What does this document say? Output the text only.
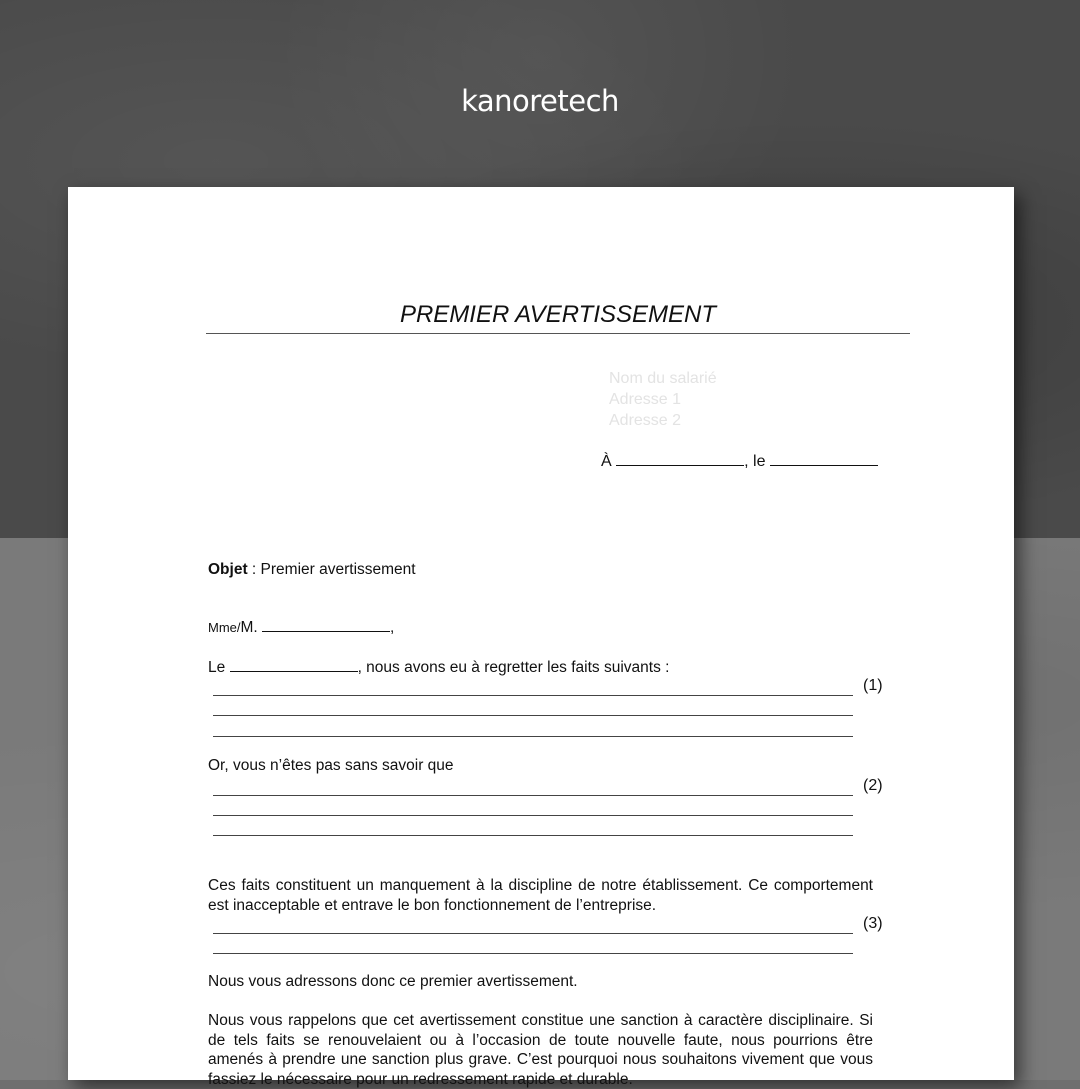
kanoretech
PREMIER AVERTISSEMENT
Nom du salarié
Adresse 1
Adresse 2
À	, le
Objet : Premier avertissement
Mme/M.	,
Le	, nous avons eu à regretter les faits suivants :
(1)
Or, vous n’êtes pas sans savoir que
(2)
Ces faits constituent un manquement à la discipline de notre établissement. Ce comportement est inacceptable et entrave le bon fonctionnement de l’entreprise.
(3)
Nous vous adressons donc ce premier avertissement.
Nous vous rappelons que cet avertissement constitue une sanction à caractère disciplinaire. Si de tels faits se renouvelaient ou à l’occasion de toute nouvelle faute, nous pourrions être amenés à prendre une sanction plus grave. C’est pourquoi nous souhaitons vivement que vous fassiez le nécessaire pour un redressement rapide et durable.
